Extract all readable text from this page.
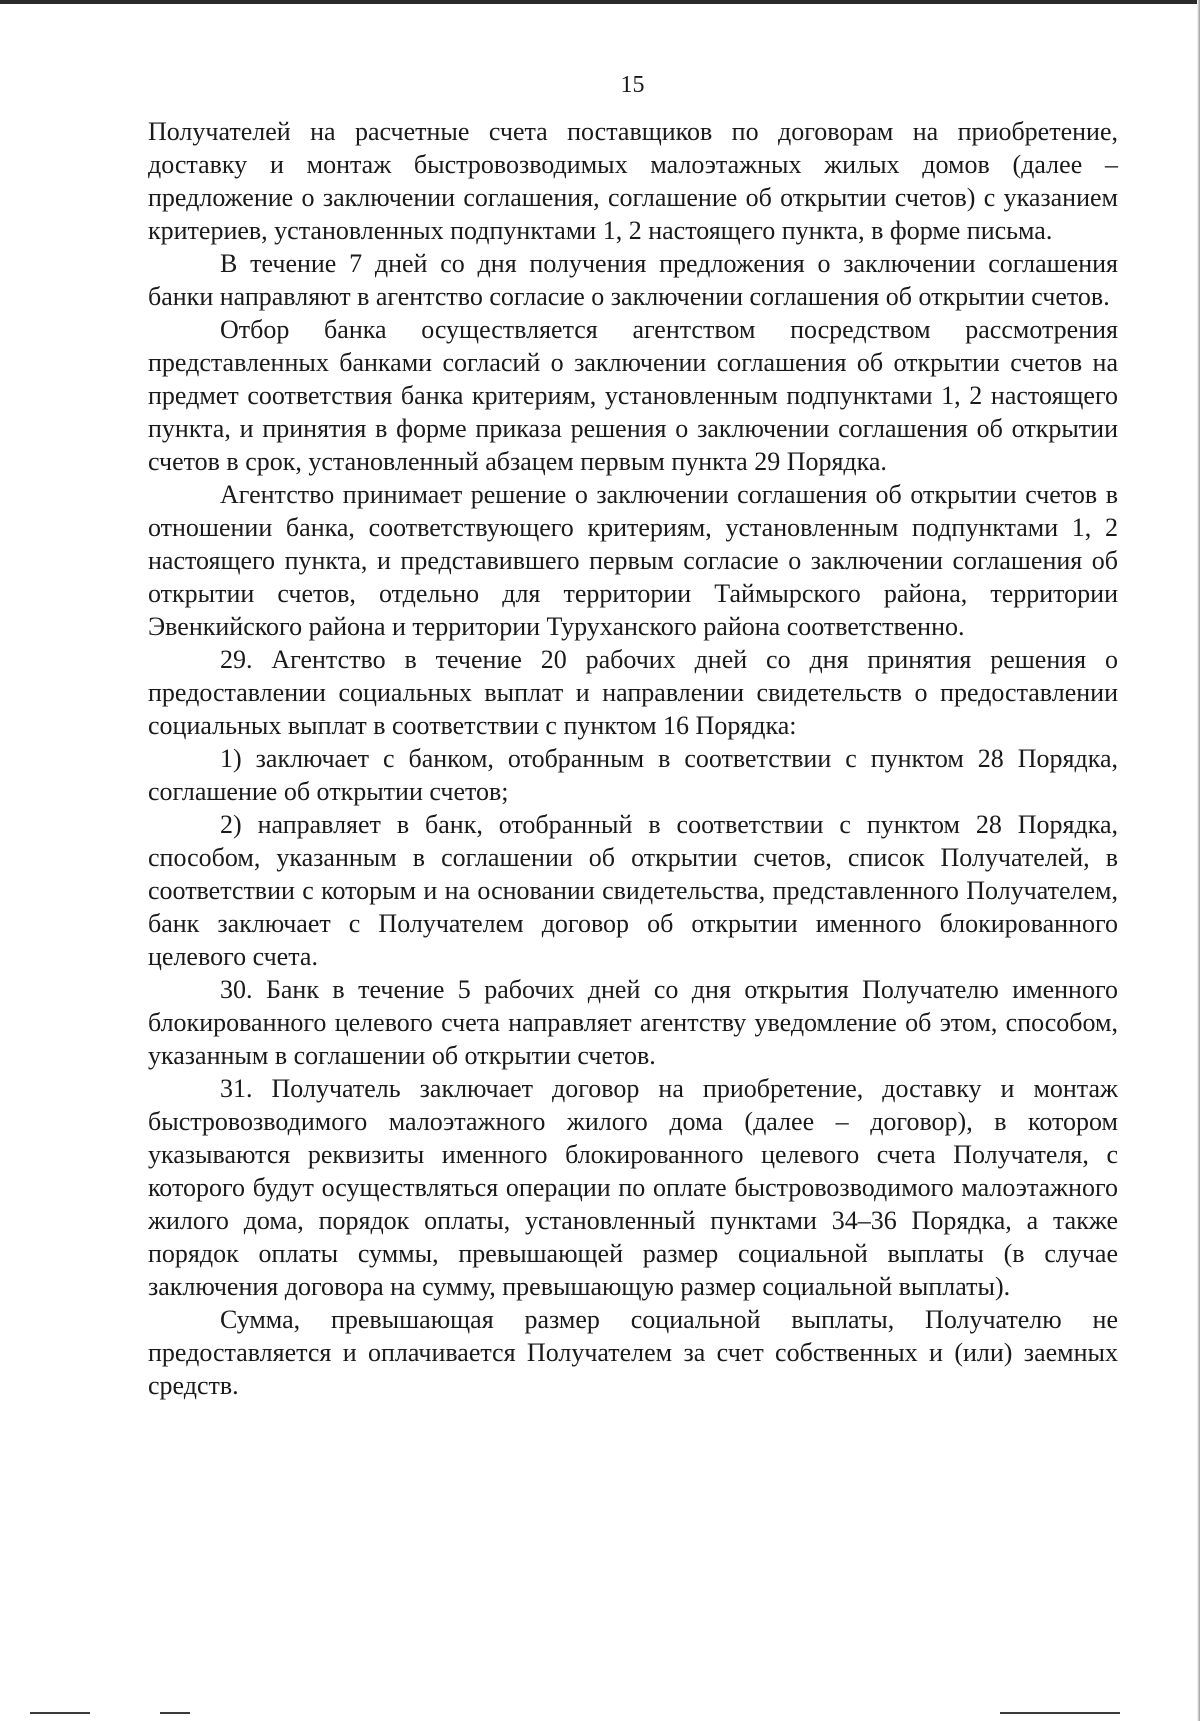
15

Получателей на расчетные счета поставщиков по договорам на приобретение, доставку и монтаж быстровозводимых малоэтажных жилых домов (далее – предложение о заключении соглашения, соглашение об открытии счетов) с указанием критериев, установленных подпунктами 1, 2 настоящего пункта, в форме письма.

В течение 7 дней со дня получения предложения о заключении соглашения банки направляют в агентство согласие о заключении соглашения об открытии счетов.

Отбор банка осуществляется агентством посредством рассмотрения представленных банками согласий о заключении соглашения об открытии счетов на предмет соответствия банка критериям, установленным подпунктами 1, 2 настоящего пункта, и принятия в форме приказа решения о заключении соглашения об открытии счетов в срок, установленный абзацем первым пункта 29 Порядка.

Агентство принимает решение о заключении соглашения об открытии счетов в отношении банка, соответствующего критериям, установленным подпунктами 1, 2 настоящего пункта, и представившего первым согласие о заключении соглашения об открытии счетов, отдельно для территории Таймырского района, территории Эвенкийского района и территории Туруханского района соответственно.

29. Агентство в течение 20 рабочих дней со дня принятия решения о предоставлении социальных выплат и направлении свидетельств о предоставлении социальных выплат в соответствии с пунктом 16 Порядка:

1) заключает с банком, отобранным в соответствии с пунктом 28 Порядка, соглашение об открытии счетов;

2) направляет в банк, отобранный в соответствии с пунктом 28 Порядка, способом, указанным в соглашении об открытии счетов, список Получателей, в соответствии с которым и на основании свидетельства, представленного Получателем, банк заключает с Получателем договор об открытии именного блокированного целевого счета.

30. Банк в течение 5 рабочих дней со дня открытия Получателю именного блокированного целевого счета направляет агентству уведомление об этом, способом, указанным в соглашении об открытии счетов.

31. Получатель заключает договор на приобретение, доставку и монтаж быстровозводимого малоэтажного жилого дома (далее – договор), в котором указываются реквизиты именного блокированного целевого счета Получателя, с которого будут осуществляться операции по оплате быстровозводимого малоэтажного жилого дома, порядок оплаты, установленный пунктами 34–36 Порядка, а также порядок оплаты суммы, превышающей размер социальной выплаты (в случае заключения договора на сумму, превышающую размер социальной выплаты).

Сумма, превышающая размер социальной выплаты, Получателю не предоставляется и оплачивается Получателем за счет собственных и (или) заемных средств.
